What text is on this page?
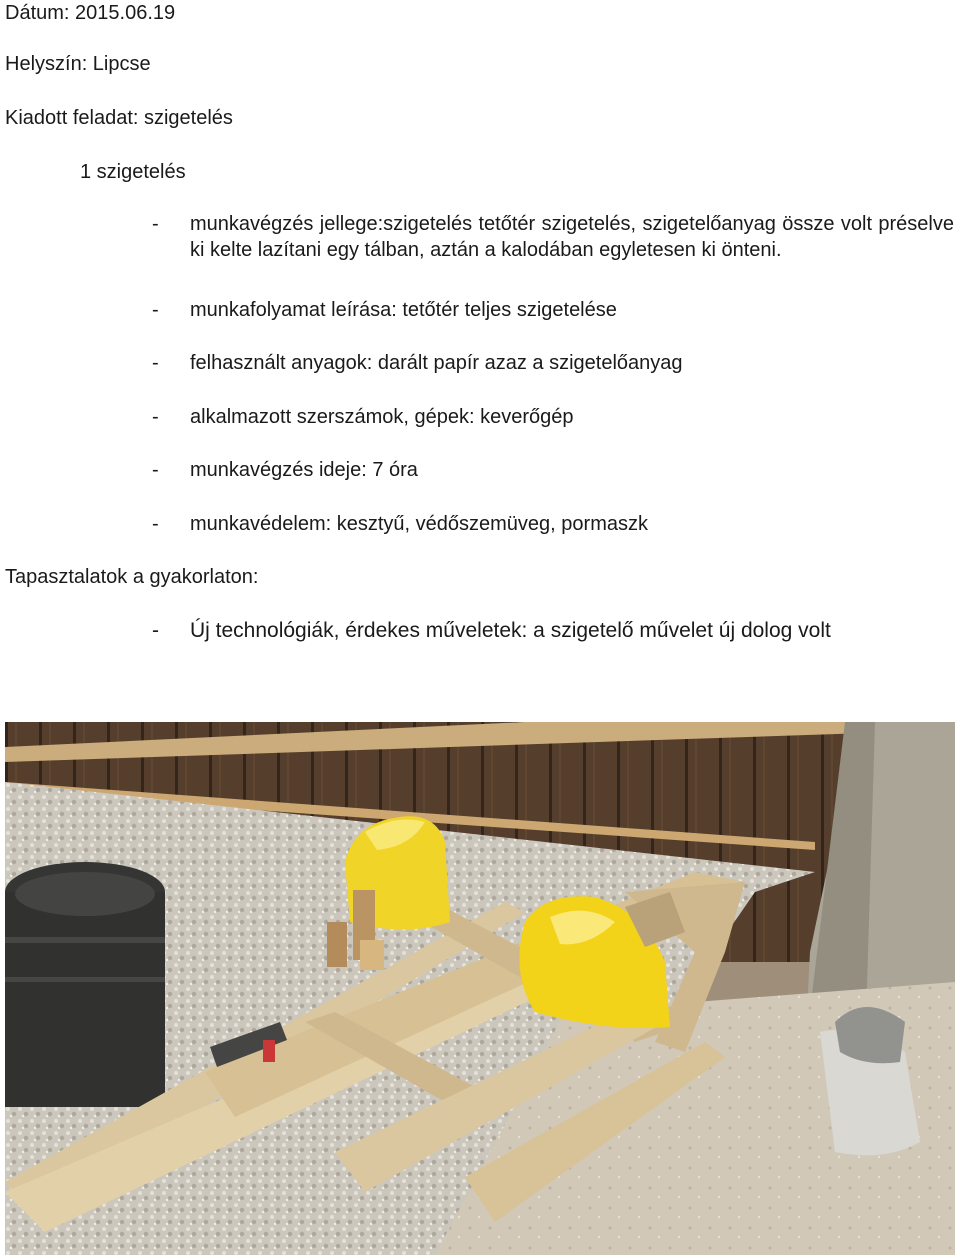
Dátum: 2015.06.19
Helyszín: Lipcse
Kiadott feladat: szigetelés
1 szigetelés
- munkavégzés jellege:szigetelés tetőtér szigetelés, szigetelőanyag össze volt préselve ki kelte lazítani egy tálban, aztán a kalodában egyletesen ki önteni.
- munkafolyamat leírása: tetőtér teljes szigetelése
- felhasznált anyagok: darált papír azaz a szigetelőanyag
- alkalmazott szerszámok, gépek: keverőgép
- munkavégzés ideje: 7 óra
- munkavédelem: kesztyű, védőszemüveg, pormaszk
Tapasztalatok a gyakorlaton:
- Új technológiák, érdekes műveletek: a szigetelő művelet új dolog volt
